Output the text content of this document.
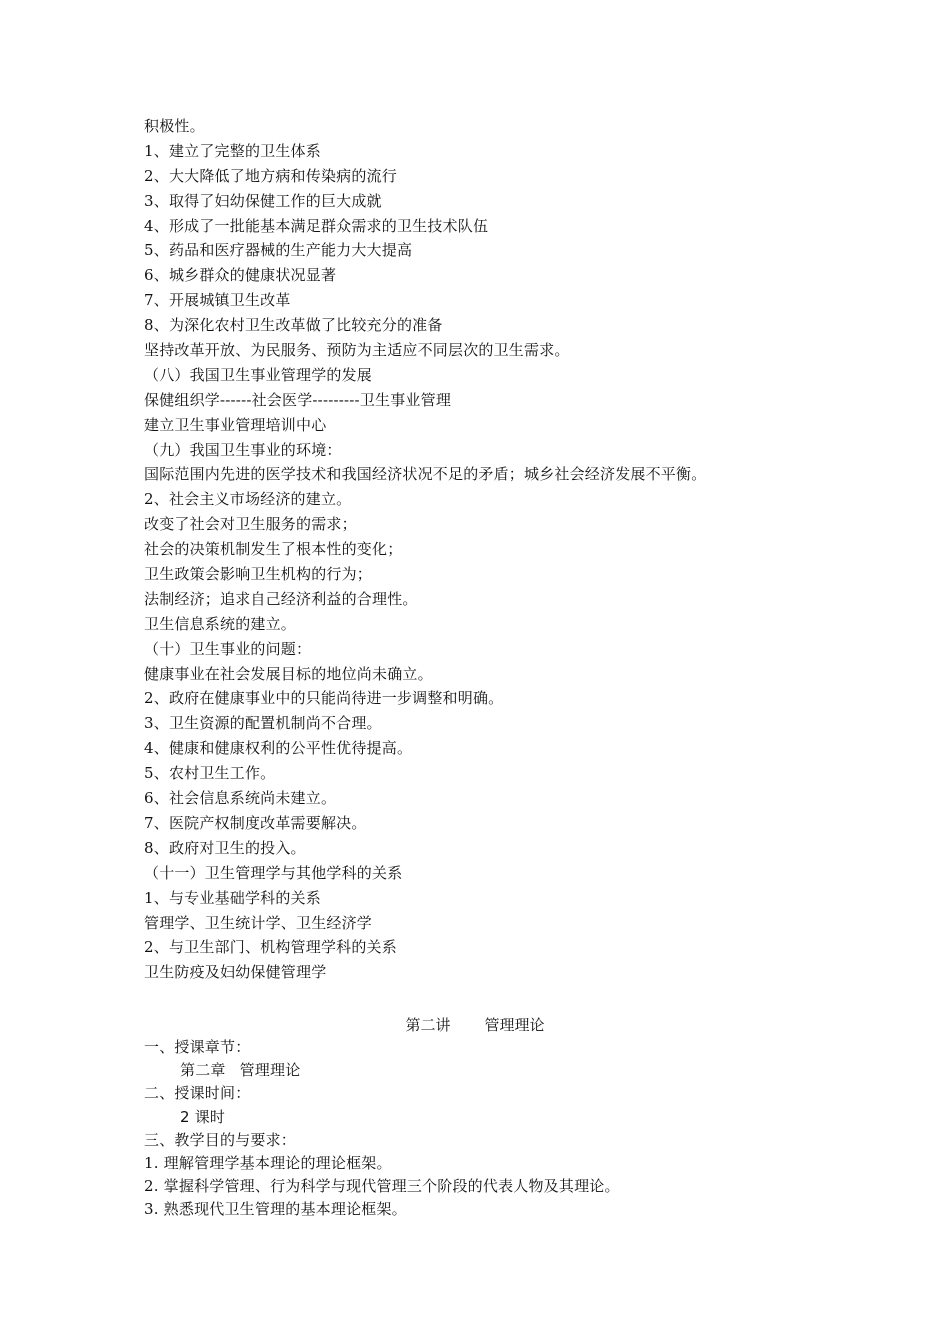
积极性。
1、建立了完整的卫生体系
2、大大降低了地方病和传染病的流行
3、取得了妇幼保健工作的巨大成就
4、形成了一批能基本满足群众需求的卫生技术队伍
5、药品和医疗器械的生产能力大大提高
6、城乡群众的健康状况显著
7、开展城镇卫生改革
8、为深化农村卫生改革做了比较充分的准备
坚持改革开放、为民服务、预防为主适应不同层次的卫生需求。
（八）我国卫生事业管理学的发展
保健组织学------社会医学---------卫生事业管理
建立卫生事业管理培训中心
（九）我国卫生事业的环境：
国际范围内先进的医学技术和我国经济状况不足的矛盾；城乡社会经济发展不平衡。
2、社会主义市场经济的建立。
改变了社会对卫生服务的需求；
社会的决策机制发生了根本性的变化；
卫生政策会影响卫生机构的行为；
法制经济；追求自己经济利益的合理性。
卫生信息系统的建立。
（十）卫生事业的问题：
健康事业在社会发展目标的地位尚未确立。
2、政府在健康事业中的只能尚待进一步调整和明确。
3、卫生资源的配置机制尚不合理。
4、健康和健康权利的公平性优待提高。
5、农村卫生工作。
6、社会信息系统尚未建立。
7、医院产权制度改革需要解决。
8、政府对卫生的投入。
（十一）卫生管理学与其他学科的关系
1、与专业基础学科的关系
管理学、卫生统计学、卫生经济学
2、与卫生部门、机构管理学科的关系
卫生防疫及妇幼保健管理学
第二讲 管理理论
一、授课章节：
第二章 管理理论
二、授课时间：
2 课时
三、教学目的与要求：
1. 理解管理学基本理论的理论框架。
2. 掌握科学管理、行为科学与现代管理三个阶段的代表人物及其理论。
3. 熟悉现代卫生管理的基本理论框架。
